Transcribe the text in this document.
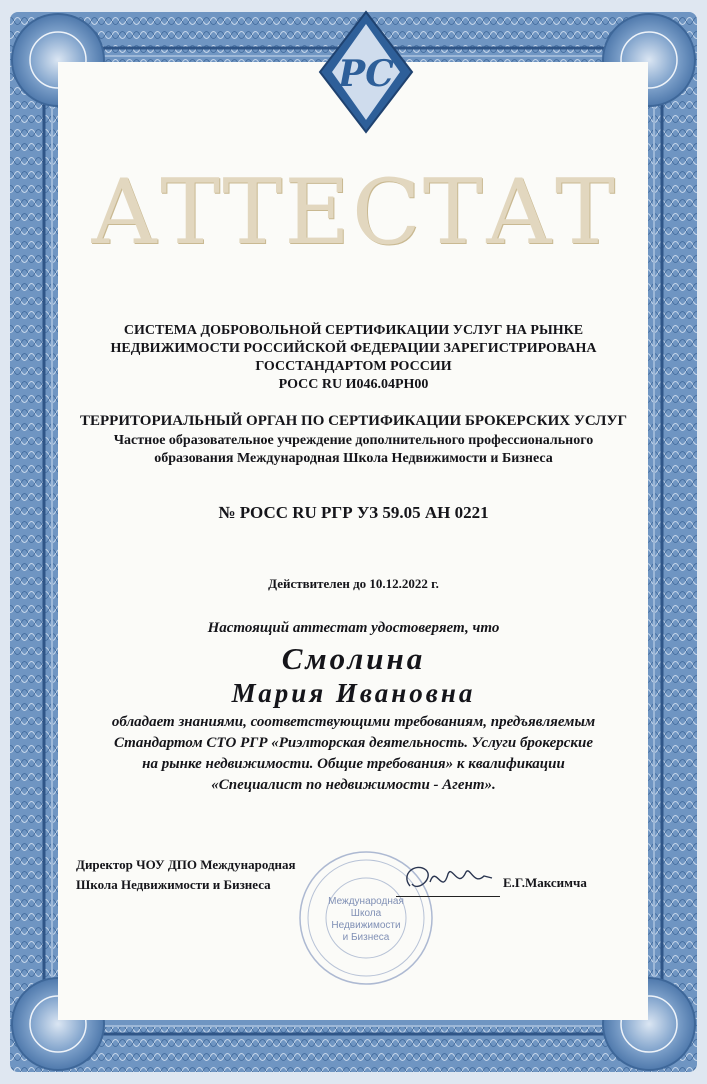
РС
АТТЕСТАТ
СИСТЕМА ДОБРОВОЛЬНОЙ СЕРТИФИКАЦИИ УСЛУГ НА РЫНКЕ
НЕДВИЖИМОСТИ РОССИЙСКОЙ ФЕДЕРАЦИИ ЗАРЕГИСТРИРОВАНА
ГОССТАНДАРТОМ РОССИИ
РОСС RU И046.04РН00
ТЕРРИТОРИАЛЬНЫЙ ОРГАН ПО СЕРТИФИКАЦИИ БРОКЕРСКИХ УСЛУГ
Частное образовательное учреждение дополнительного профессионального
образования Международная Школа Недвижимости и Бизнеса
№ РОСС RU РГР УЗ 59.05 АН 0221
Действителен до 10.12.2022 г.
Настоящий аттестат удостоверяет, что
Смолина
Мария Ивановна
обладает знаниями, соответствующими требованиям, предъявляемым
Стандартом СТО РГР «Риэлторская деятельность. Услуги брокерские
на рынке недвижимости. Общие требования» к квалификации
«Специалист по недвижимости - Агент».
Международная
Школа
Недвижимости
и Бизнеса
Директор ЧОУ ДПО Международная
Школа Недвижимости и Бизнеса	Е.Г.Максимча
